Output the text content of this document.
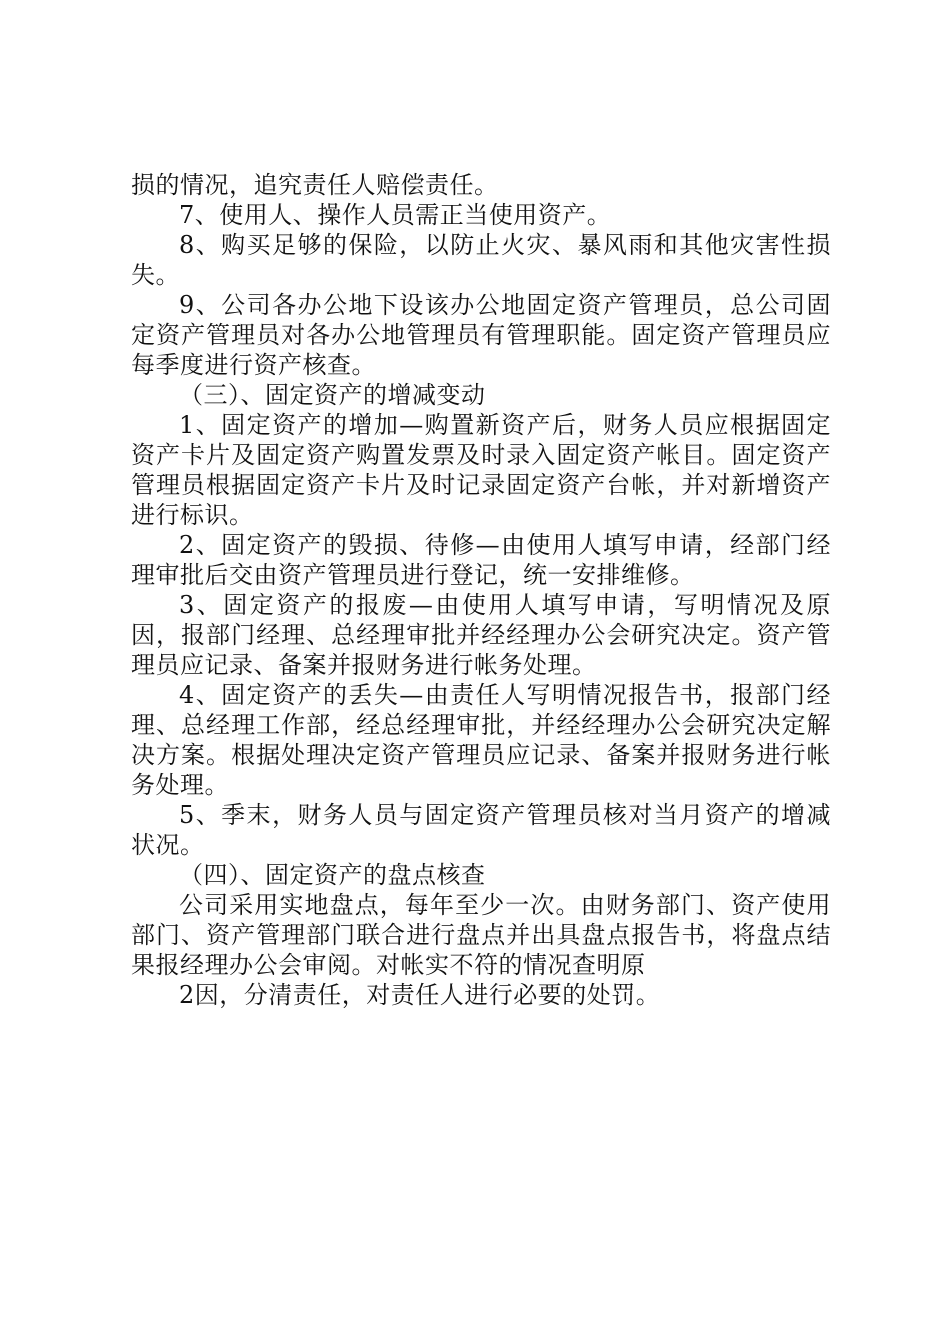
损的情况，追究责任人赔偿责任。

7、使用人、操作人员需正当使用资产。

8、购买足够的保险，以防止火灾、暴风雨和其他灾害性损失。

9、公司各办公地下设该办公地固定资产管理员，总公司固定资产管理员对各办公地管理员有管理职能。固定资产管理员应每季度进行资产核查。

（三）、固定资产的增减变动

1、固定资产的增加—购置新资产后，财务人员应根据固定资产卡片及固定资产购置发票及时录入固定资产帐目。固定资产管理员根据固定资产卡片及时记录固定资产台帐，并对新增资产进行标识。

2、固定资产的毁损、待修—由使用人填写申请，经部门经理审批后交由资产管理员进行登记，统一安排维修。

3、固定资产的报废—由使用人填写申请，写明情况及原因，报部门经理、总经理审批并经经理办公会研究决定。资产管理员应记录、备案并报财务进行帐务处理。

4、固定资产的丢失—由责任人写明情况报告书，报部门经理、总经理工作部，经总经理审批，并经经理办公会研究决定解决方案。根据处理决定资产管理员应记录、备案并报财务进行帐务处理。

5、季末，财务人员与固定资产管理员核对当月资产的增减状况。

（四）、固定资产的盘点核查

公司采用实地盘点，每年至少一次。由财务部门、资产使用部门、资产管理部门联合进行盘点并出具盘点报告书，将盘点结果报经理办公会审阅。对帐实不符的情况查明原

2因，分清责任，对责任人进行必要的处罚。
